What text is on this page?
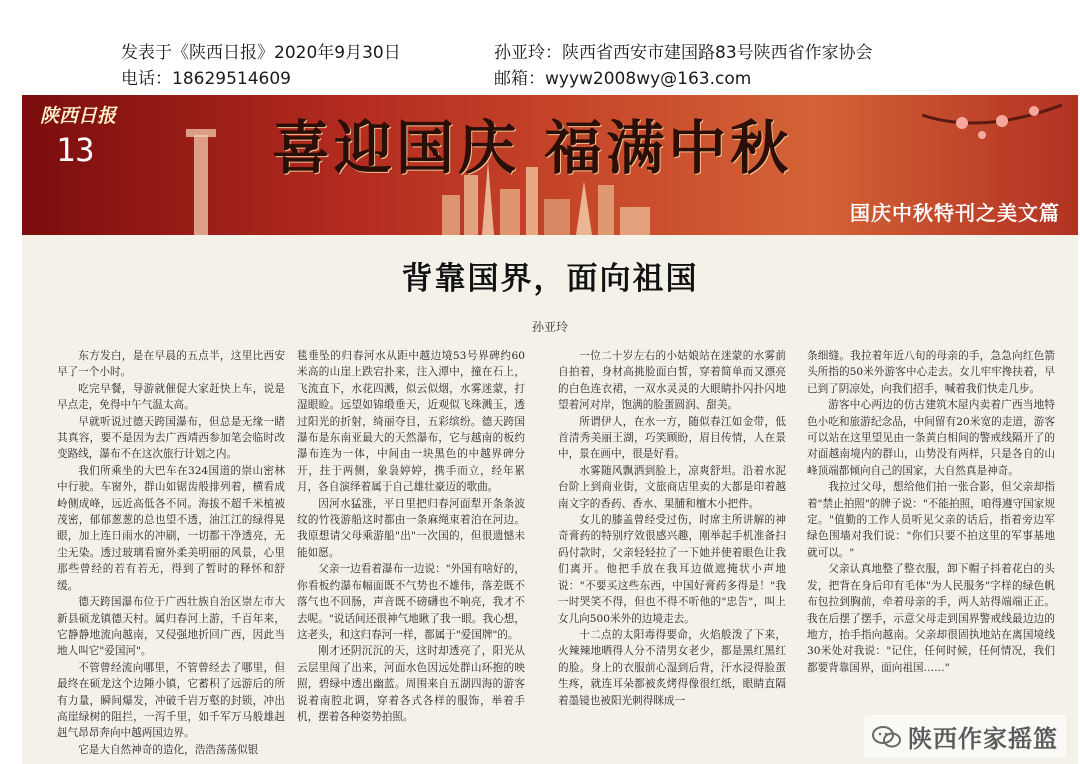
发表于《陕西日报》2020年9月30日
电话：18629514609
孙亚玲：陕西省西安市建国路83号陕西省作家协会
邮箱：wyyw2008wy@163.com
陕西日报
13	喜迎国庆 福满中秋
国庆中秋特刊之美文篇
背靠国界，面向祖国
孙亚玲

东方发白，是在早晨的五点半，这里比西安早了一个小时。

吃完早餐，导游就催促大家赶快上车，说是早点走，免得中午气温太高。

早就听说过德天跨国瀑布，但总是无缘一睹其真容，要不是因为去广西靖西参加笔会临时改变路线，瀑布不在这次旅行计划之内。

我们所乘坐的大巴车在324国道的崇山密林中行驶。车窗外，群山如锯齿般排列着，横看成岭侧成峰，远近高低各不同。海拔不超千米植被茂密，郁郁葱葱的总也望不透，油江江的绿得晃眼，加上连日雨水的冲刷，一切都干净透亮，无尘无染。透过玻璃看窗外柔美明丽的风景，心里那些曾经的若有若无，得到了暂时的释怀和舒缓。

德天跨国瀑布位于广西壮族自治区崇左市大新县硕龙镇德天村。属归春河上游，千百年来，它静静地流向越南，又侵强地折回广西，因此当地人叫它"爱国河"。

不管曾经流向哪里，不管曾经去了哪里，但最终在硕龙这个边陲小镇，它蓄积了远游后的所有力量，瞬间爆发，冲破千岩万壑的封锁，冲出高崖绿树的阻拦，一泻千里，如千军万马般雄赳赳气昂昂奔向中越两国边界。

它是大自然神奇的造化，浩浩荡荡似银

毯垂坠的归春河水从距中越边境53号界碑约60米高的山崖上跌宕扑来，注入潭中，撞在石上，飞流直下，水花四溅，似云似烟，水雾迷蒙，打湿眼睑。远望如锦缎垂天，近观似飞珠溅玉，透过阳光的折射，绮丽夺目，五彩缤纷。德天跨国瀑布是东南亚最大的天然瀑布，它与越南的板约瀑布连为一体，中间由一块黑色的中越界碑分开，拄于两侧，象袅婷婷，携手而立，经年累月，各自演绎着属于自己雄壮豪迈的歌曲。

因河水猛涨，平日里把归春河面犁开条条波纹的竹筏游船这时都由一条麻绳束着泊在河边。我原想请父母乘游船"出"一次国的，但很遗憾未能如愿。

父亲一边看着瀑布一边说："外国有啥好的，你看板约瀑布幅面既不气势也不雄伟，落差既不落气也不回肠，声音既不磅礴也不响亮，我才不去呢。"说话间还很神气地瞅了我一眼。我心想，这老头，和这归春河一样，都属于"爱国牌"的。

刚才还阴沉沉的天，这时却透亮了，阳光从云层里闯了出来，河面水色因远处群山环抱的映照，碧绿中透出幽蓝。周围来自五湖四海的游客说着南腔北调，穿着各式各样的服饰，举着手机，摆着各种姿势拍照。

一位二十岁左右的小姑娘站在迷蒙的水雾前自拍着，身材高挑脸面白皙，穿着简单而又漂亮的白色连衣裙，一双水灵灵的大眼睛扑闪扑闪地望着河对岸，饱满的脸蛋圆润、甜美。

所谓伊人，在水一方，随似春江如金带，低首清秀美丽王湖，巧笑顾盼，眉目传情，人在景中，景在画中，很是好看。

水雾随风飘洒到脸上，凉爽舒坦。沿着水泥台阶上到商业街，文旅商店里卖的大都是印着越南文字的香药、香水、果脯和檀木小把件。

女儿的膝盖曾经受过伤，时席主所讲解的神奇膏药的特别疗效很感兴趣，刚举起手机准备扫码付款时，父亲轻轻拉了一下她并使着眼色让我们离开。他把手放在我耳边做遮掩状小声地说："不要买这些东西，中国好膏药多得是！"我一时哭笑不得，但也不得不听他的"忠告"，叫上女儿向500米外的边境走去。

十二点的太阳毒得要命，火焰般泼了下来，火辣辣地晒得人分不清男女老少，都是黑红黑红的脸。身上的衣服前心湿到后背，汗水浸得脸蛋生疼，就连耳朵都被炙烤得像很红纸，眼睛直隔着墨镜也被阳光刺得眯成一

条细缝。我拉着年近八旬的母亲的手，急急向红色箭头所指的50米外游客中心走去。女儿牢牢搀扶着，早已到了阴凉处，向我们招手，喊着我们快走几步。

游客中心两边的仿古建筑木屋内卖着广西当地特色小吃和旅游纪念品，中间留有20米宽的走道，游客可以站在这里望见由一条黄白相间的警戒线隔开了的对面越南境内的群山，山势没有两样，只是各自的山峰顶端都倾向自己的国家，大自然真是神奇。

我拉过父母，想给他们拍一张合影，但父亲却指着"禁止拍照"的牌子说："不能拍照，咱得遵守国家规定。"值勤的工作人员听见父亲的话后，指着旁边军绿色围墙对我们说："你们只要不拍这里的军事基地就可以。"

父亲认真地整了整衣服，卸下帽子抖着花白的头发，把背在身后印有毛体"为人民服务"字样的绿色帆布包拉到胸前，牵着母亲的手，两人站得端端正正。我在后摆了摆手，示意父母走到国界警戒线最边边的地方，抬手指向越南。父亲却很固执地站在离国境线30米处对我说："记住，任何时候，任何情况，我们都要背靠国界，面向祖国……"

陕西作家摇篮
